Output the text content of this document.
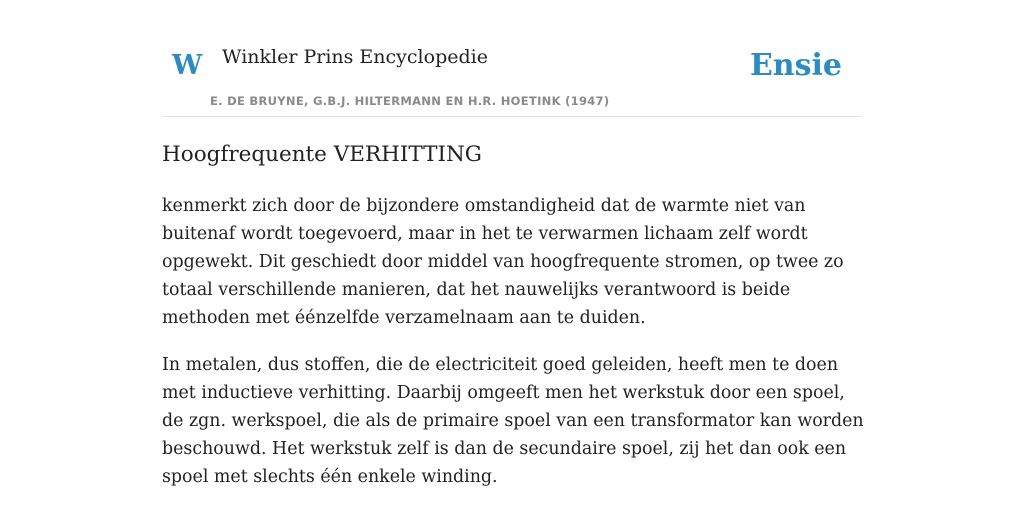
W Winkler Prins Encyclopedie
E. DE BRUYNE, G.B.J. HILTERMANN EN H.R. HOETINK (1947)
Ensie
Hoogfrequente VERHITTING

kenmerkt zich door de bijzondere omstandigheid dat de warmte niet van buitenaf wordt toegevoerd, maar in het te verwarmen lichaam zelf wordt opgewekt. Dit geschiedt door middel van hoogfrequente stromen, op twee zo totaal verschillende manieren, dat het nauwelijks verantwoord is beide methoden met éénzelfde verzamelnaam aan te duiden.

In metalen, dus stoffen, die de electriciteit goed geleiden, heeft men te doen met inductieve verhitting. Daarbij omgeeft men het werkstuk door een spoel, de zgn. werkspoel, die als de primaire spoel van een transformator kan worden beschouwd. Het werkstuk zelf is dan de secundaire spoel, zij het dan ook een spoel met slechts één enkele winding.
